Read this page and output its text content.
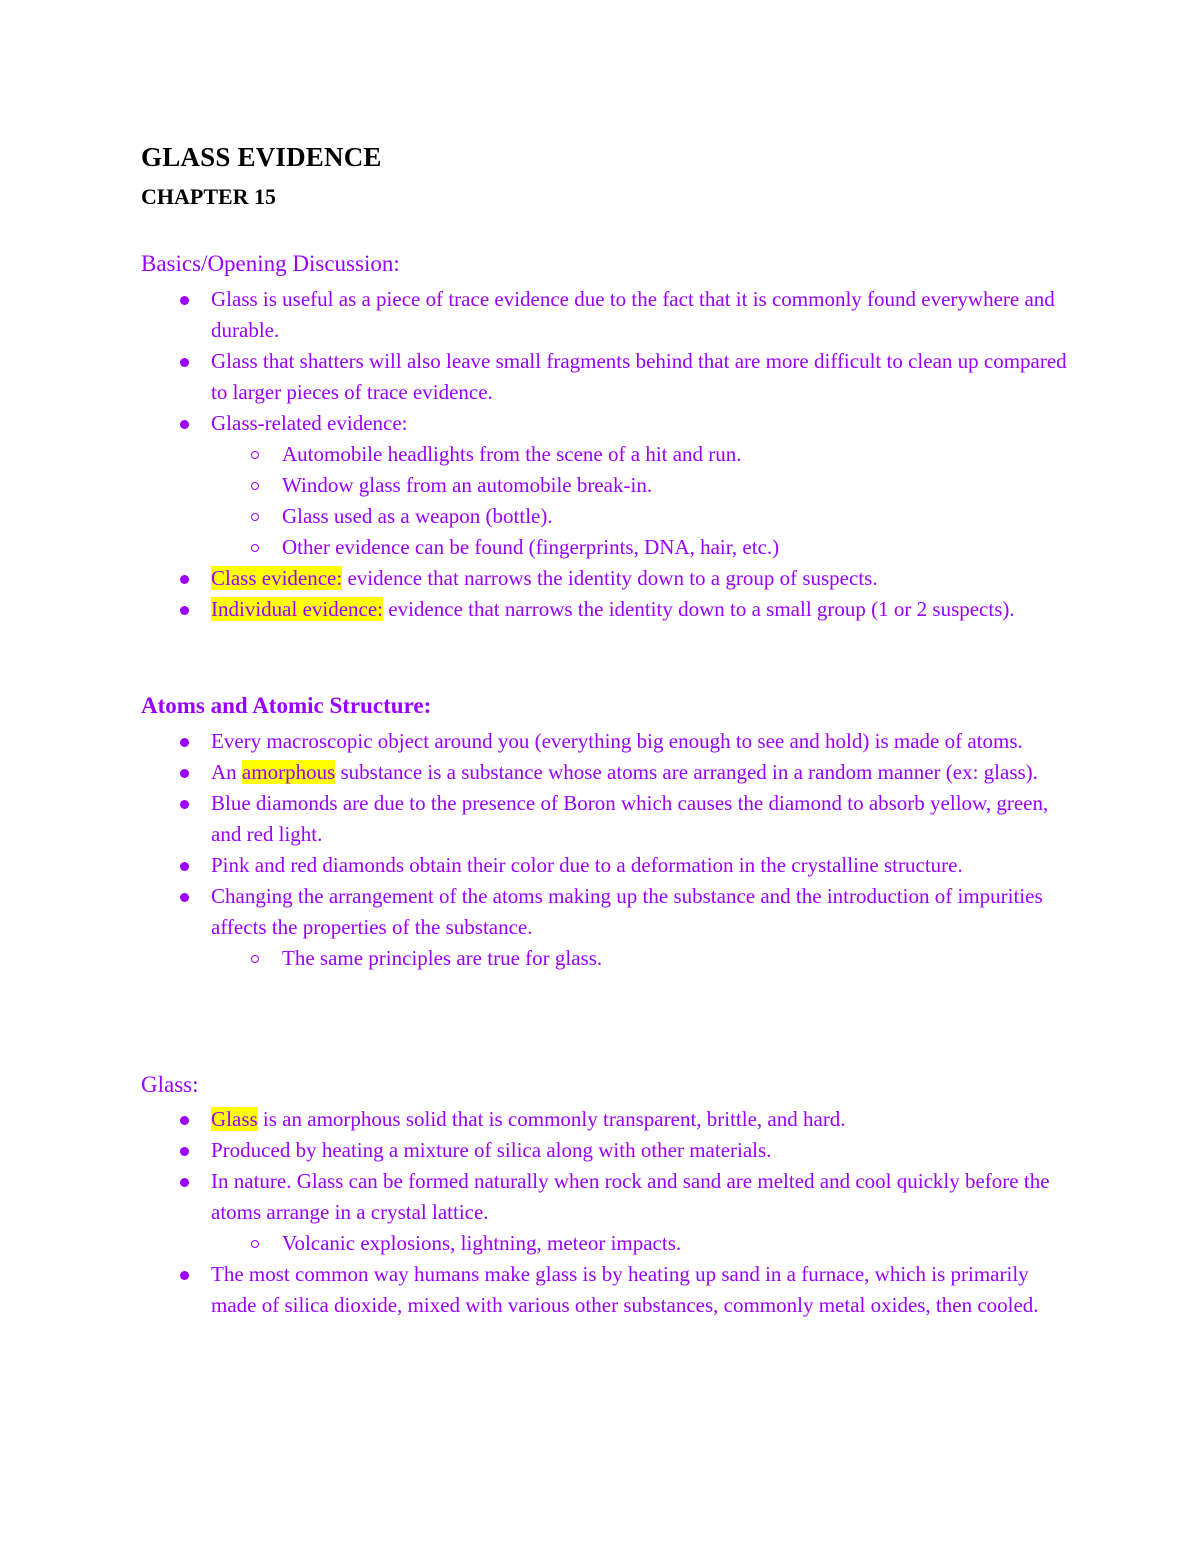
GLASS EVIDENCE
CHAPTER 15
Basics/Opening Discussion:
Glass is useful as a piece of trace evidence due to the fact that it is commonly found everywhere and durable.
Glass that shatters will also leave small fragments behind that are more difficult to clean up compared to larger pieces of trace evidence.
Glass-related evidence:
Automobile headlights from the scene of a hit and run.
Window glass from an automobile break-in.
Glass used as a weapon (bottle).
Other evidence can be found (fingerprints, DNA, hair, etc.)
Class evidence: evidence that narrows the identity down to a group of suspects.
Individual evidence: evidence that narrows the identity down to a small group (1 or 2 suspects).
Atoms and Atomic Structure:
Every macroscopic object around you (everything big enough to see and hold) is made of atoms.
An amorphous substance is a substance whose atoms are arranged in a random manner (ex: glass).
Blue diamonds are due to the presence of Boron which causes the diamond to absorb yellow, green, and red light.
Pink and red diamonds obtain their color due to a deformation in the crystalline structure.
Changing the arrangement of the atoms making up the substance and the introduction of impurities affects the properties of the substance.
The same principles are true for glass.
Glass:
Glass is an amorphous solid that is commonly transparent, brittle, and hard.
Produced by heating a mixture of silica along with other materials.
In nature. Glass can be formed naturally when rock and sand are melted and cool quickly before the atoms arrange in a crystal lattice.
Volcanic explosions, lightning, meteor impacts.
The most common way humans make glass is by heating up sand in a furnace, which is primarily made of silica dioxide, mixed with various other substances, commonly metal oxides, then cooled.
